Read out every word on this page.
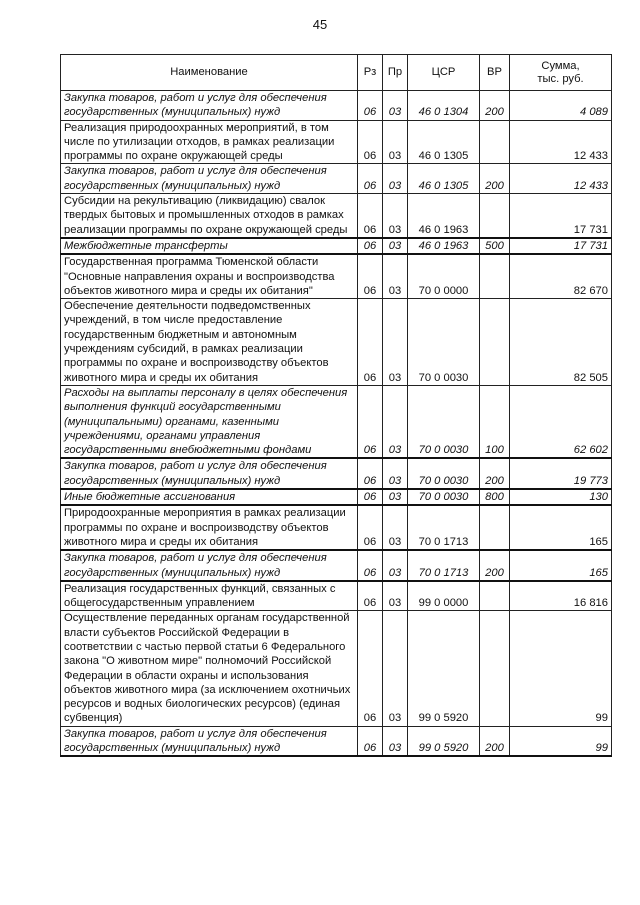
45
Наименование	Рз	Пр	ЦСР	ВР	Сумма,
тыс. руб.

Закупка товаров, работ и услуг для обеспечения государственных (муниципальных) нужд	06	03	46 0 1304	200	4 089
Реализация природоохранных мероприятий, в том числе по утилизации отходов, в рамках реализации программы по охране окружающей среды	06	03	46 0 1305		12 433
Закупка товаров, работ и услуг для обеспечения государственных (муниципальных) нужд	06	03	46 0 1305	200	12 433
Субсидии на рекультивацию (ликвидацию) свалок твердых бытовых и промышленных отходов в рамках реализации программы по охране окружающей среды	06	03	46 0 1963		17 731
Межбюджетные трансферты	06	03	46 0 1963	500	17 731
Государственная программа Тюменской области "Основные направления охраны и воспроизводства объектов животного мира и среды их обитания"	06	03	70 0 0000		82 670
Обеспечение деятельности подведомственных учреждений, в том числе предоставление государственным бюджетным и автономным учреждениям субсидий, в рамках реализации программы по охране и воспроизводству объектов животного мира и среды их обитания	06	03	70 0 0030		82 505
Расходы на выплаты персоналу в целях обеспечения выполнения функций государственными (муниципальными) органами, казенными учреждениями, органами управления государственными внебюджетными фондами	06	03	70 0 0030	100	62 602
Закупка товаров, работ и услуг для обеспечения государственных (муниципальных) нужд	06	03	70 0 0030	200	19 773
Иные бюджетные ассигнования	06	03	70 0 0030	800	130
Природоохранные мероприятия в рамках реализации программы по охране и воспроизводству объектов животного мира и среды их обитания	06	03	70 0 1713		165
Закупка товаров, работ и услуг для обеспечения государственных (муниципальных) нужд	06	03	70 0 1713	200	165
Реализация государственных функций, связанных с общегосударственным управлением	06	03	99 0 0000		16 816
Осуществление переданных органам государственной власти субъектов Российской Федерации в соответствии с частью первой статьи 6 Федерального закона "О животном мире" полномочий Российской Федерации в области охраны и использования объектов животного мира (за исключением охотничьих ресурсов и водных биологических ресурсов) (единая субвенция)	06	03	99 0 5920		99
Закупка товаров, работ и услуг для обеспечения государственных (муниципальных) нужд	06	03	99 0 5920	200	99
